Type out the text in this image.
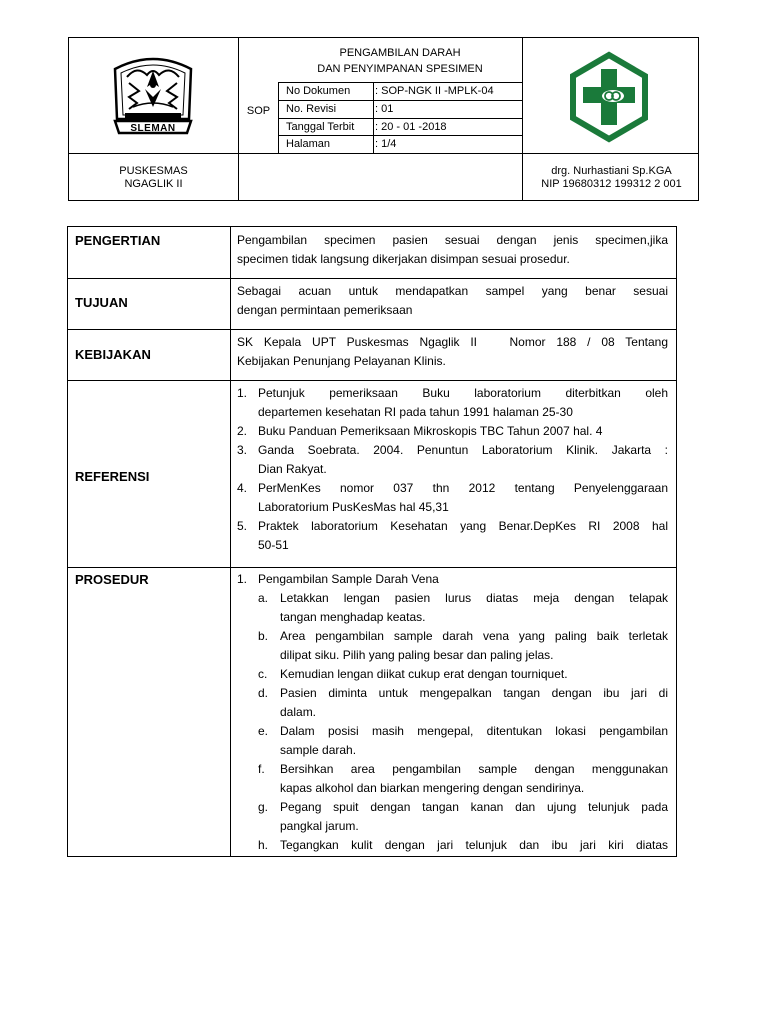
SLEMAN
PENGAMBILAN DARAH
DAN PENYIMPANAN SPESIMEN
SOP
No Dokumen : SOP-NGK II -MPLK-04
No. Revisi	: 01
Tanggal Terbit : 20 - 01 -2018
Halaman	: 1/4
PUSKESMAS
NGAGLIK II
drg. Nurhastiani Sp.KGA
NIP 19680312 199312 2 001
PENGERTIAN	Pengambilan specimen pasien sesuai dengan jenis specimen,jika
specimen tidak langsung dikerjakan disimpan sesuai prosedur.
TUJUAN
Sebagai acuan untuk mendapatkan sampel yang benar sesuai
dengan permintaan pemeriksaan
KEBIJAKAN
SK Kepala UPT Puskesmas Ngaglik II   Nomor 188 / 08 Tentang
Kebijakan Penunjang Pelayanan Klinis.
REFERENSI
1. Petunjuk pemeriksaan Buku laboratorium diterbitkan oleh
departemen kesehatan RI pada tahun 1991 halaman 25-30
2. Buku Panduan Pemeriksaan Mikroskopis TBC Tahun 2007 hal. 4
3. Ganda Soebrata. 2004. Penuntun Laboratorium Klinik. Jakarta :
Dian Rakyat.
4. PerMenKes nomor 037 thn 2012 tentang Penyelenggaraan
Laboratorium PusKesMas hal 45,31
5. Praktek laboratorium Kesehatan yang Benar.DepKes RI 2008 hal
50-51
PROSEDUR	1. Pengambilan Sample Darah Vena
a. Letakkan lengan pasien lurus diatas meja dengan telapak
tangan menghadap keatas.
b. Area pengambilan sample darah vena yang paling baik terletak
dilipat siku. Pilih yang paling besar dan paling jelas.
c. Kemudian lengan diikat cukup erat dengan tourniquet.
d. Pasien diminta untuk mengepalkan tangan dengan ibu jari di
dalam.
e. Dalam posisi masih mengepal, ditentukan lokasi pengambilan
sample darah.
f. Bersihkan area pengambilan sample dengan menggunakan
kapas alkohol dan biarkan mengering dengan sendirinya.
g. Pegang spuit dengan tangan kanan dan ujung telunjuk pada
pangkal jarum.
h. Tegangkan kulit dengan jari telunjuk dan ibu jari kiri diatas
